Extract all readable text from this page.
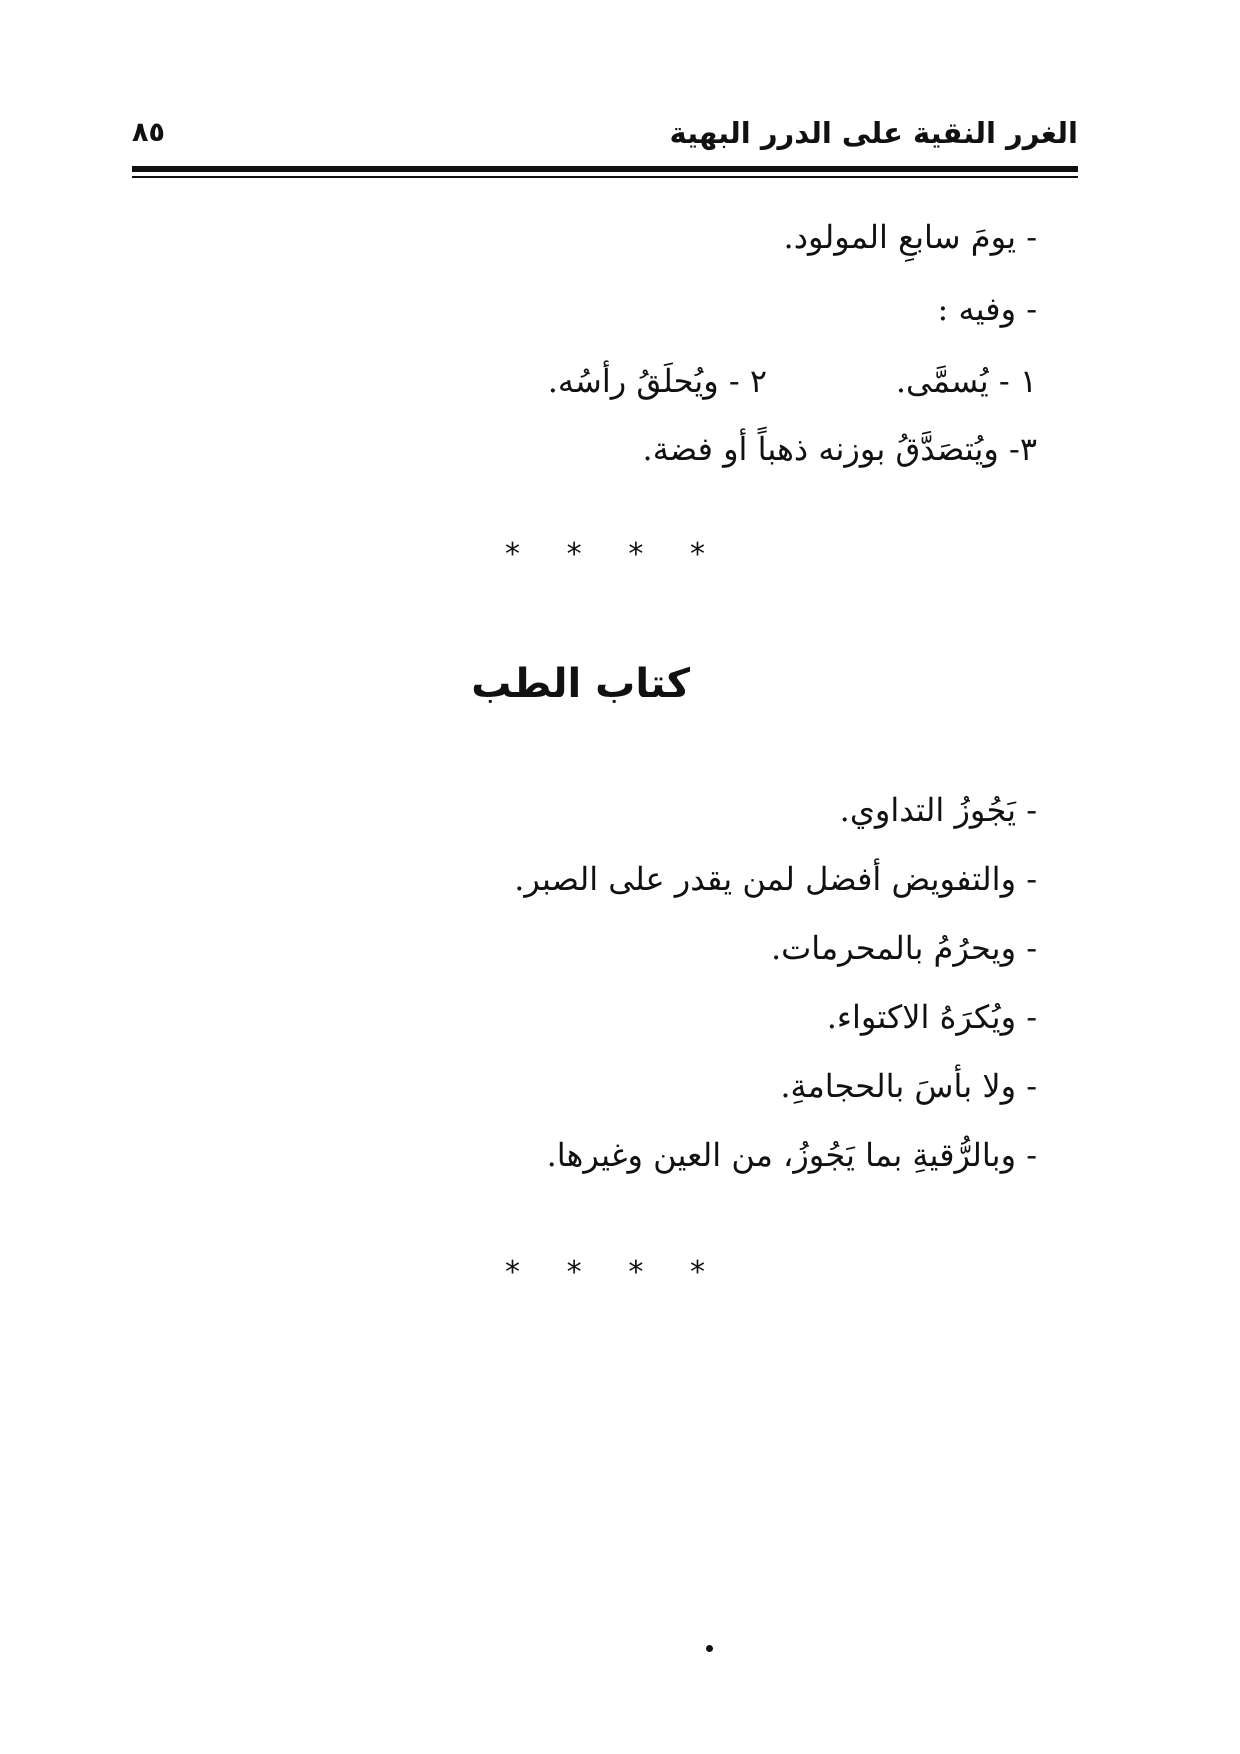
الغرر النقية على الدرر البهية
٨٥
- يومَ سابعِ المولود.
- وفيه :
١ - يُسمَّى.
٢ - ويُحلَقُ رأسُه.
٣- ويُتصَدَّقُ بوزنه ذهباً أو فضة.
* * * *
كتاب الطب
- يَجُوزُ التداوي.
- والتفويض أفضل لمن يقدر على الصبر.
- ويحرُمُ بالمحرمات.
- ويُكرَهُ الاكتواء.
- ولا بأسَ بالحجامةِ.
- وبالرُّقيةِ بما يَجُوزُ، من العين وغيرها.
* * * *
